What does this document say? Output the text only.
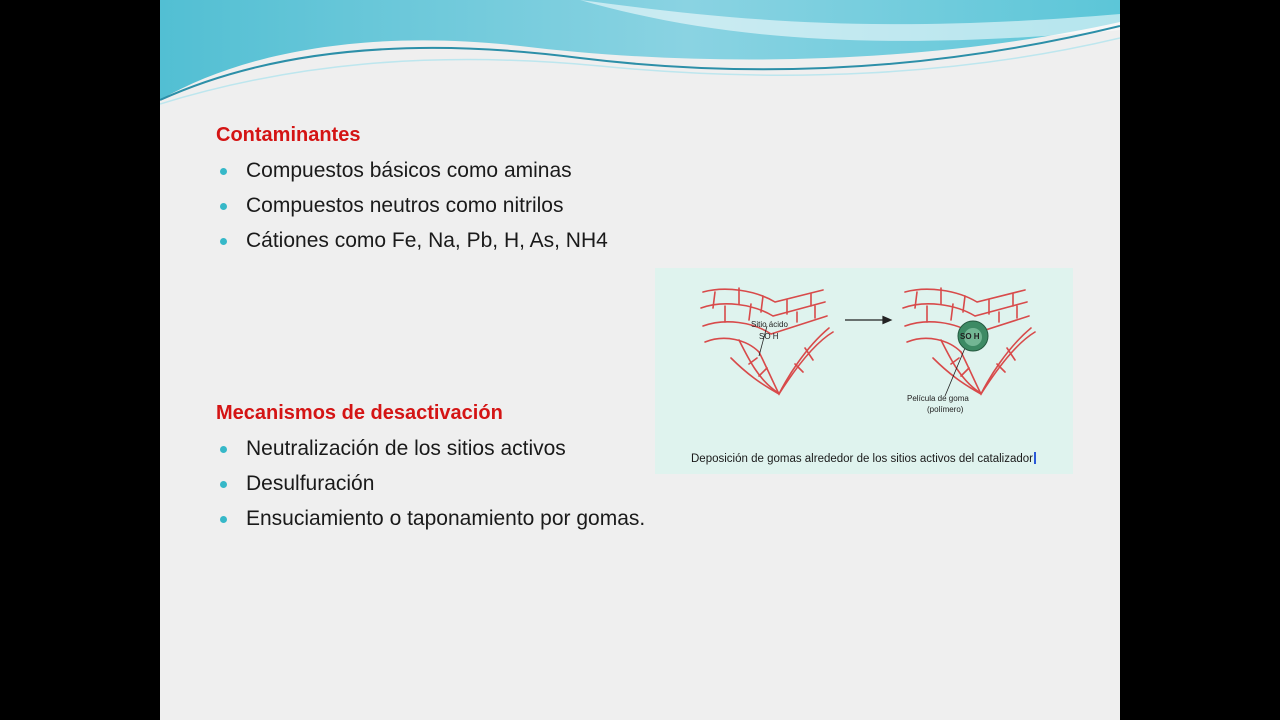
Contaminantes
Compuestos básicos como aminas
Compuestos neutros como nitrilos
Cátiones como Fe, Na, Pb, H, As, NH4
Mecanismos de desactivación
Neutralización de los sitios activos
Desulfuración
Ensuciamiento o taponamiento por gomas.
Sitio ácido
SO H	SO H
Película de goma
(polímero)
Deposición de gomas alrededor de los sitios activos del catalizador
